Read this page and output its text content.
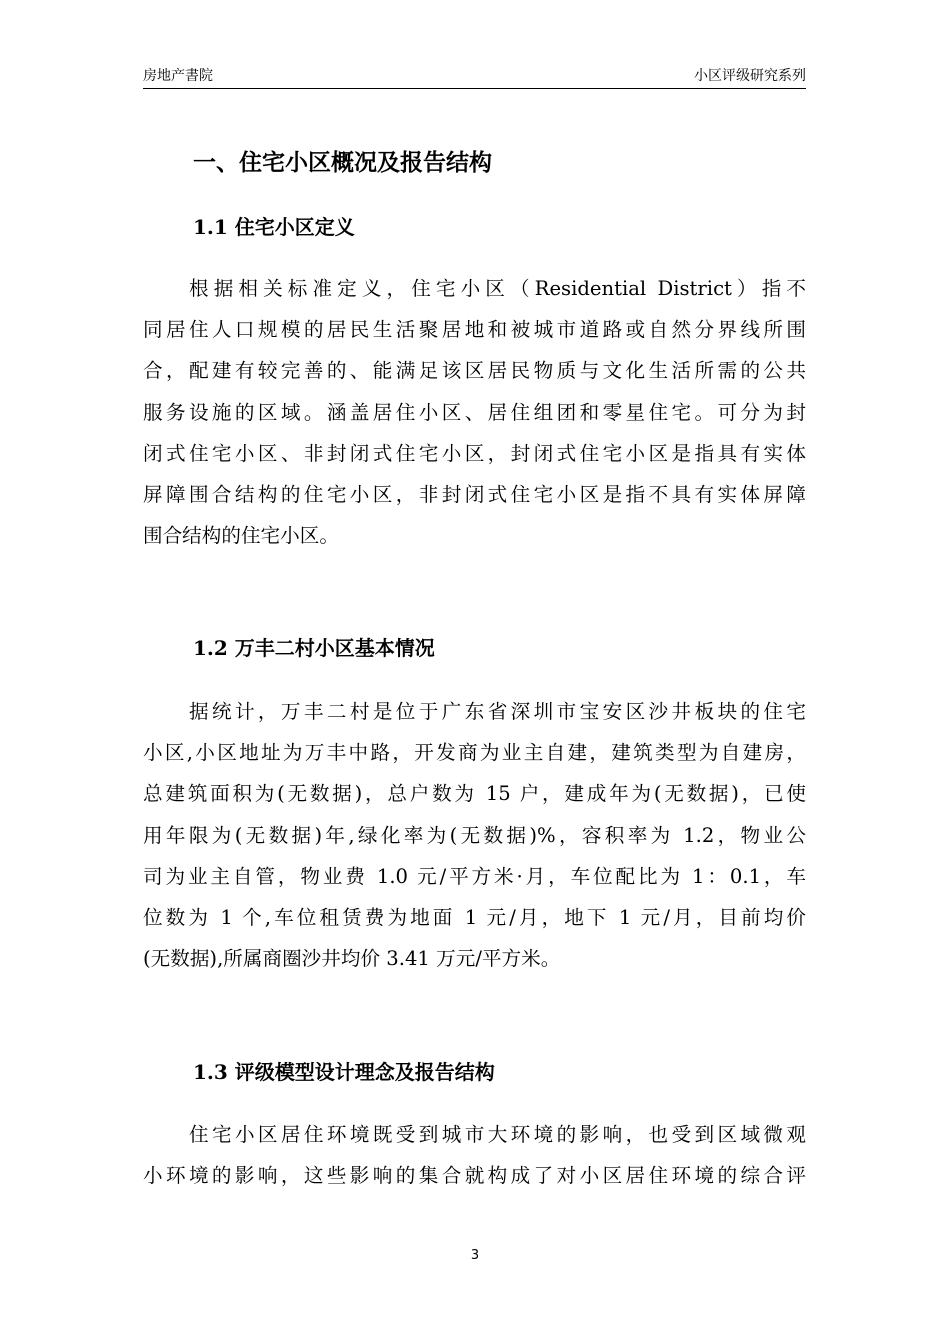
房地产書院	小区评级研究系列
一、住宅小区概况及报告结构
1.1 住宅小区定义
根据相关标准定义，住宅小区（Residential District）指不
同居住人口规模的居民生活聚居地和被城市道路或自然分界线所围
合，配建有较完善的、能满足该区居民物质与文化生活所需的公共
服务设施的区域。涵盖居住小区、居住组团和零星住宅。可分为封
闭式住宅小区、非封闭式住宅小区，封闭式住宅小区是指具有实体
屏障围合结构的住宅小区，非封闭式住宅小区是指不具有实体屏障
围合结构的住宅小区。
1.2 万丰二村小区基本情况
据统计，万丰二村是位于广东省深圳市宝安区沙井板块的住宅
小区,小区地址为万丰中路，开发商为业主自建，建筑类型为自建房，
总建筑面积为(无数据)，总户数为 15 户，建成年为(无数据)，已使
用年限为(无数据)年,绿化率为(无数据)%，容积率为 1.2，物业公
司为业主自管，物业费 1.0 元/平方米·月，车位配比为 1：0.1，车
位数为 1 个,车位租赁费为地面 1 元/月，地下 1 元/月，目前均价
(无数据),所属商圈沙井均价 3.41 万元/平方米。
1.3 评级模型设计理念及报告结构
住宅小区居住环境既受到城市大环境的影响，也受到区域微观
小环境的影响，这些影响的集合就构成了对小区居住环境的综合评
3
